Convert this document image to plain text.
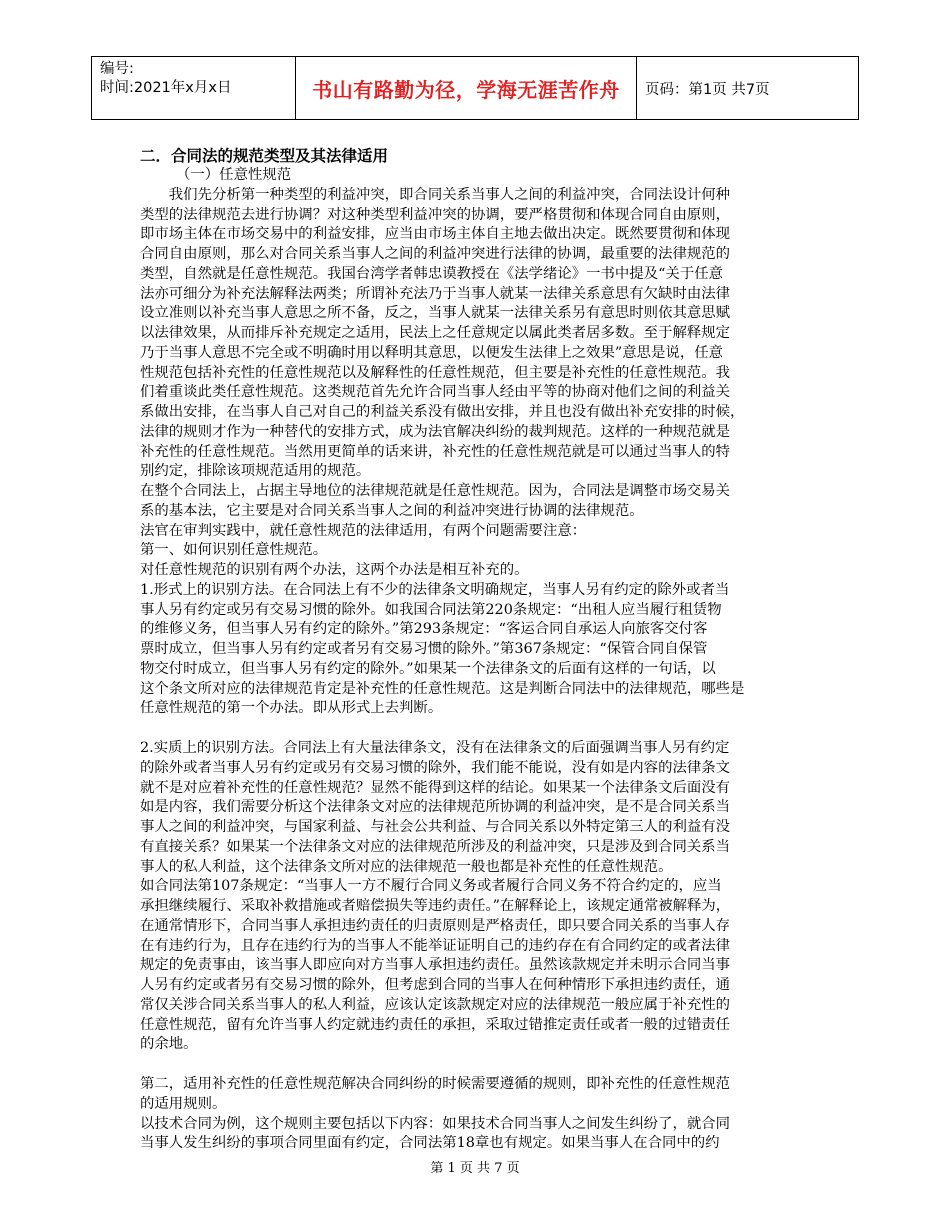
编号:
时间:2021年x月x日	书山有路勤为径，学海无涯苦作舟	页码：第1页 共7页
二．合同法的规范类型及其法律适用
（一）任意性规范
　　我们先分析第一种类型的利益冲突，即合同关系当事人之间的利益冲突，合同法设计何种
类型的法律规范去进行协调？对这种类型利益冲突的协调，要严格贯彻和体现合同自由原则，
即市场主体在市场交易中的利益安排，应当由市场主体自主地去做出决定。既然要贯彻和体现
合同自由原则，那么对合同关系当事人之间的利益冲突进行法律的协调，最重要的法律规范的
类型，自然就是任意性规范。我国台湾学者韩忠谟教授在《法学绪论》一书中提及“关于任意
法亦可细分为补充法解释法两类；所谓补充法乃于当事人就某一法律关系意思有欠缺时由法律
设立准则以补充当事人意思之所不备，反之，当事人就某一法律关系另有意思时则依其意思赋
以法律效果，从而排斥补充规定之适用，民法上之任意规定以属此类者居多数。至于解释规定
乃于当事人意思不完全或不明确时用以释明其意思，以便发生法律上之效果”意思是说，任意
性规范包括补充性的任意性规范以及解释性的任意性规范，但主要是补充性的任意性规范。我
们着重谈此类任意性规范。这类规范首先允许合同当事人经由平等的协商对他们之间的利益关
系做出安排，在当事人自己对自己的利益关系没有做出安排，并且也没有做出补充安排的时候，
法律的规则才作为一种替代的安排方式，成为法官解决纠纷的裁判规范。这样的一种规范就是
补充性的任意性规范。当然用更简单的话来讲，补充性的任意性规范就是可以通过当事人的特
别约定，排除该项规范适用的规范。
在整个合同法上，占据主导地位的法律规范就是任意性规范。因为，合同法是调整市场交易关
系的基本法，它主要是对合同关系当事人之间的利益冲突进行协调的法律规范。
法官在审判实践中，就任意性规范的法律适用，有两个问题需要注意：
第一、如何识别任意性规范。
对任意性规范的识别有两个办法，这两个办法是相互补充的。
1.形式上的识别方法。在合同法上有不少的法律条文明确规定，当事人另有约定的除外或者当
事人另有约定或另有交易习惯的除外。如我国合同法第220条规定：“出租人应当履行租赁物
的维修义务，但当事人另有约定的除外。”第293条规定：“客运合同自承运人向旅客交付客
票时成立，但当事人另有约定或者另有交易习惯的除外。”第367条规定：“保管合同自保管
物交付时成立，但当事人另有约定的除外。”如果某一个法律条文的后面有这样的一句话，以
这个条文所对应的法律规范肯定是补充性的任意性规范。这是判断合同法中的法律规范，哪些是
任意性规范的第一个办法。即从形式上去判断。
2.实质上的识别方法。合同法上有大量法律条文，没有在法律条文的后面强调当事人另有约定
的除外或者当事人另有约定或另有交易习惯的除外，我们能不能说，没有如是内容的法律条文
就不是对应着补充性的任意性规范？显然不能得到这样的结论。如果某一个法律条文后面没有
如是内容，我们需要分析这个法律条文对应的法律规范所协调的利益冲突，是不是合同关系当
事人之间的利益冲突，与国家利益、与社会公共利益、与合同关系以外特定第三人的利益有没
有直接关系？如果某一个法律条文对应的法律规范所涉及的利益冲突，只是涉及到合同关系当
事人的私人利益，这个法律条文所对应的法律规范一般也都是补充性的任意性规范。
如合同法第107条规定：“当事人一方不履行合同义务或者履行合同义务不符合约定的，应当
承担继续履行、采取补救措施或者赔偿损失等违约责任。”在解释论上，该规定通常被解释为，
在通常情形下，合同当事人承担违约责任的归责原则是严格责任，即只要合同关系的当事人存
在有违约行为，且存在违约行为的当事人不能举证证明自己的违约存在有合同约定的或者法律
规定的免责事由，该当事人即应向对方当事人承担违约责任。虽然该款规定并未明示合同当事
人另有约定或者另有交易习惯的除外，但考虑到合同的当事人在何种情形下承担违约责任，通
常仅关涉合同关系当事人的私人利益，应该认定该款规定对应的法律规范一般应属于补充性的
任意性规范，留有允许当事人约定就违约责任的承担，采取过错推定责任或者一般的过错责任
的余地。
第二，适用补充性的任意性规范解决合同纠纷的时候需要遵循的规则，即补充性的任意性规范
的适用规则。
以技术合同为例，这个规则主要包括以下内容：如果技术合同当事人之间发生纠纷了，就合同
当事人发生纠纷的事项合同里面有约定，合同法第18章也有规定。如果当事人在合同中的约
第 1 页 共 7 页
